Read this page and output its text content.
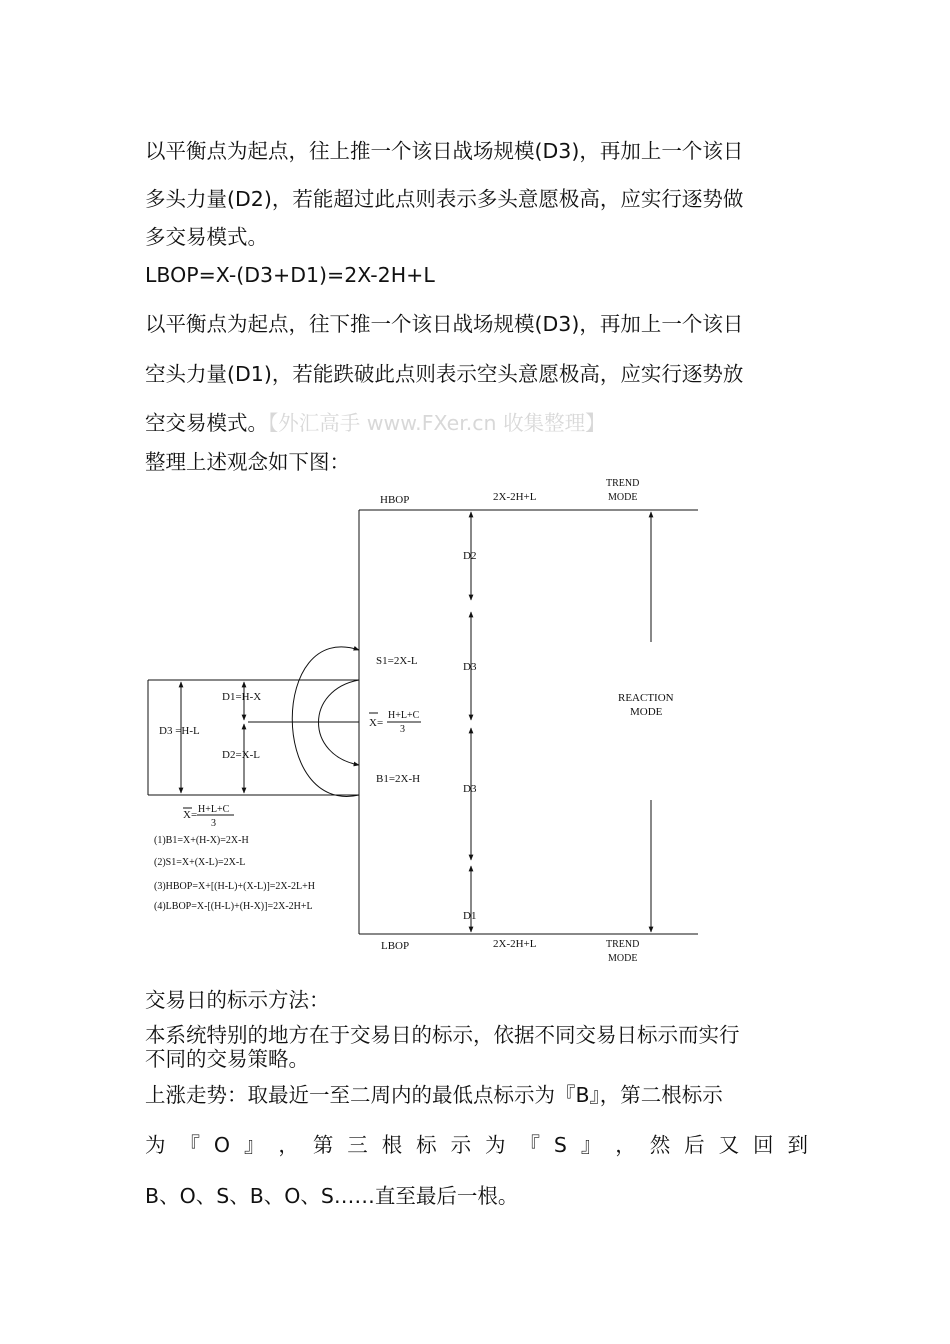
以平衡点为起点，往上推一个该日战场规模(D3)，再加上一个该日
多头力量(D2)，若能超过此点则表示多头意愿极高，应实行逐势做
多交易模式。
LBOP=X-(D3+D1)=2X-2H+L
以平衡点为起点，往下推一个该日战场规模(D3)，再加上一个该日
空头力量(D1)，若能跌破此点则表示空头意愿极高，应实行逐势放
空交易模式。【外汇高手 www.FXer.cn 收集整理】
整理上述观念如下图：
HBOP	2X-2H+L
TREND
MODE
LBOP	2X-2H+L	TREND
MODE
REACTION
MODE
D2
D3
D3
D1
S1=2X-L
X=
H+L+C
3
B1=2X-H
D1=H-X
D2=X-L
D3 =H-L
X= H+L+C
3
(1)B1=X+(H-X)=2X-H
(2)S1=X+(X-L)=2X-L
(3)HBOP=X+[(H-L)+(X-L)]=2X-2L+H
(4)LBOP=X-[(H-L)+(H-X)]=2X-2H+L
交易日的标示方法：
本系统特别的地方在于交易日的标示，依据不同交易日标示而实行
不同的交易策略。
上涨走势：取最近一至二周内的最低点标示为『B』，第二根标示
为 『 O 』 ， 第 三 根 标 示 为 『 S 』 ， 然 后 又 回 到
B、O、S、B、O、S……直至最后一根。
